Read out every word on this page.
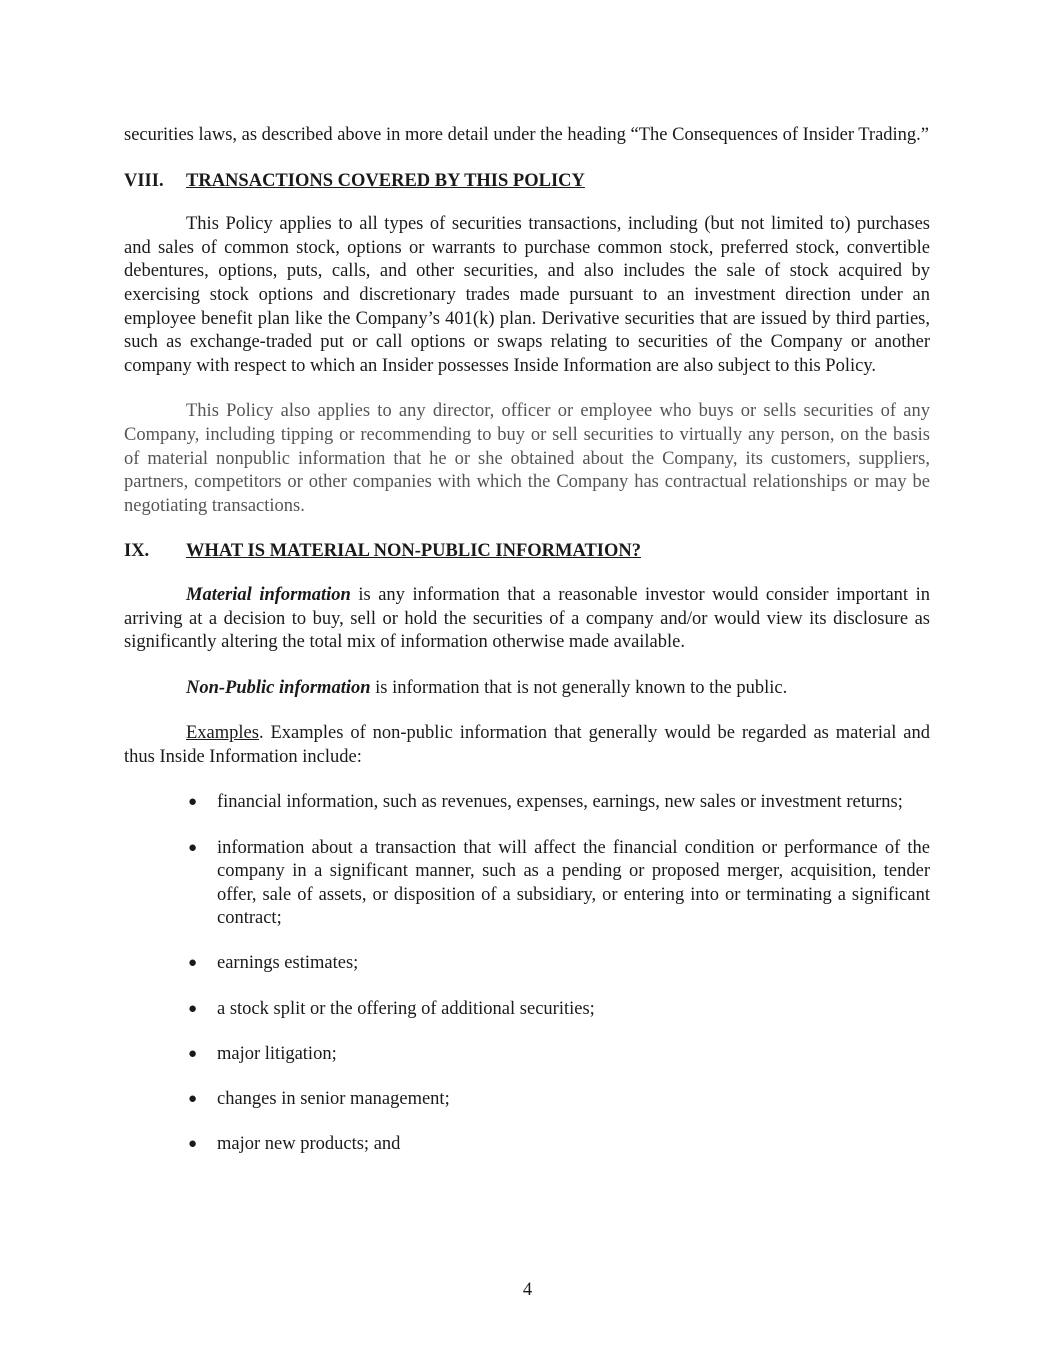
securities laws, as described above in more detail under the heading “The Consequences of Insider Trading.”

VIII.	TRANSACTIONS COVERED BY THIS POLICY

This Policy applies to all types of securities transactions, including (but not limited to) purchases and sales of common stock, options or warrants to purchase common stock, preferred stock, convertible debentures, options, puts, calls, and other securities, and also includes the sale of stock acquired by exercising stock options and discretionary trades made pursuant to an investment direction under an employee benefit plan like the Company’s 401(k) plan. Derivative securities that are issued by third parties, such as exchange-traded put or call options or swaps relating to securities of the Company or another company with respect to which an Insider possesses Inside Information are also subject to this Policy.

This Policy also applies to any director, officer or employee who buys or sells securities of any Company, including tipping or recommending to buy or sell securities to virtually any person, on the basis of material nonpublic information that he or she obtained about the Company, its customers, suppliers, partners, competitors or other companies with which the Company has contractual relationships or may be negotiating transactions.

IX.	WHAT IS MATERIAL NON-PUBLIC INFORMATION?

Material information is any information that a reasonable investor would consider important in arriving at a decision to buy, sell or hold the securities of a company and/or would view its disclosure as significantly altering the total mix of information otherwise made available.

Non-Public information is information that is not generally known to the public.

Examples. Examples of non-public information that generally would be regarded as material and thus Inside Information include:

● financial information, such as revenues, expenses, earnings, new sales or investment returns;
● information about a transaction that will affect the financial condition or performance of the company in a significant manner, such as a pending or proposed merger, acquisition, tender offer, sale of assets, or disposition of a subsidiary, or entering into or terminating a significant contract;
● earnings estimates;
● a stock split or the offering of additional securities;
● major litigation;
● changes in senior management;
● major new products; and
4
